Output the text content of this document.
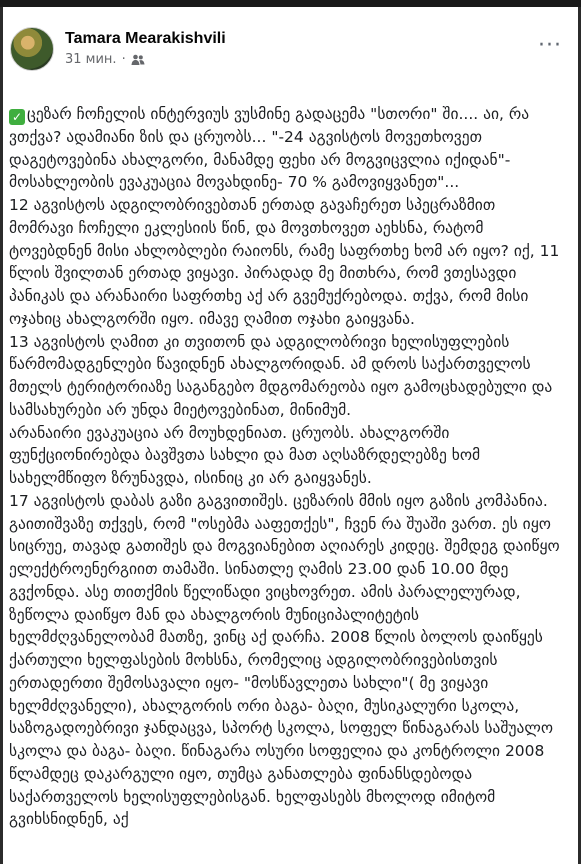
Tamara Mearakishvili
31 мин. ·
···

✓ ცეზარ ჩოჩელის ინტერვიუს ვუსმინე გადაცემა "სთორი" ში.... აი, რა ვთქვა? ადამიანი ზის და ცრუობს... "-24 აგვისტოს მოვეთხოვეთ დაგეტოვებინა ახალგორი, მანამდე ფეხი არ მოგვიცვლია იქიდან"- მოსახლეობის ევაკუაცია მოვახდინე- 70 % გამოვიყვანეთ"...

12 აგვისტოს ადგილობრივებთან ერთად გავაჩერეთ სპეცრაზმით მომრავი ჩოჩელი ეკლესიის წინ, და მოვთხოვეთ აეხსნა, რატომ ტოვებდნენ მისი ახლობლები რაიონს, რამე საფრთხე ხომ არ იყო? იქ, 11 წლის შვილთან ერთად ვიყავი. პირადად მე მითხრა, რომ ვთესავდი პანიკას და არანაირი საფრთხე აქ არ გვემუქრებოდა. თქვა, რომ მისი ოჯახიც ახალგორში იყო. იმავე ღამით ოჯახი გაიყვანა.

13 აგვისტოს ღამით კი თვითონ და ადგილობრივი ხელისუფლების წარმომადგენლები წავიდნენ ახალგორიდან. ამ დროს საქართველოს მთელს ტერიტორიაზე საგანგებო მდგომარეობა იყო გამოცხადებული და სამსახურები არ უნდა მიეტოვებინათ, მინიმუმ.

არანაირი ევაკუაცია არ მოუხდენიათ. ცრუობს. ახალგორში ფუნქციონირებდა ბავშვთა სახლი და მათ აღსაზრდელებზე ხომ სახელმწიფო ზრუნავდა, ისინიც კი არ გაიყვანეს.

17 აგვისტოს დაბას გაზი გაგვითიშეს. ცეზარის მმის იყო გაზის კომპანია. გაითიშვაზე თქვეს, რომ "ოსებმა ააფეთქეს", ჩვენ რა შუაში ვართ. ეს იყო სიცრუე, თავად გათიშეს და მოგვიანებით აღიარეს კიდეც. შემდეგ დაიწყო ელექტროენერგიით თამაში. სინათლე ღამის 23.00 დან 10.00 მდე გვქონდა. ასე თითქმის წელიწადი ვიცხოვრეთ. ამის პარალელურად, ზეწოლა დაიწყო მან და ახალგორის მუნიციპალიტეტის ხელმძღვანელობამ მათზე, ვინც აქ დარჩა. 2008 წლის ბოლოს დაიწყეს ქართული ხელფასების მოხსნა, რომელიც ადგილობრივებისთვის ერთადერთი შემოსავალი იყო- "მოსწავლეთა სახლი"( მე ვიყავი ხელმძღვანელი), ახალგორის ორი ბაგა- ბაღი, მუსიკალური სკოლა, საზოგადოებრივი ჯანდაცვა, სპორტ სკოლა, სოფელ წინაგარას საშუალო სკოლა და ბაგა- ბაღი. წინაგარა ოსური სოფელია და კონტროლი 2008 წლამდეც დაკარგული იყო, თუმცა განათლება ფინანსდებოდა საქართველოს ხელისუფლებისგან. ხელფასებს მხოლოდ იმიტომ გვიხსნიდნენ, აქ
